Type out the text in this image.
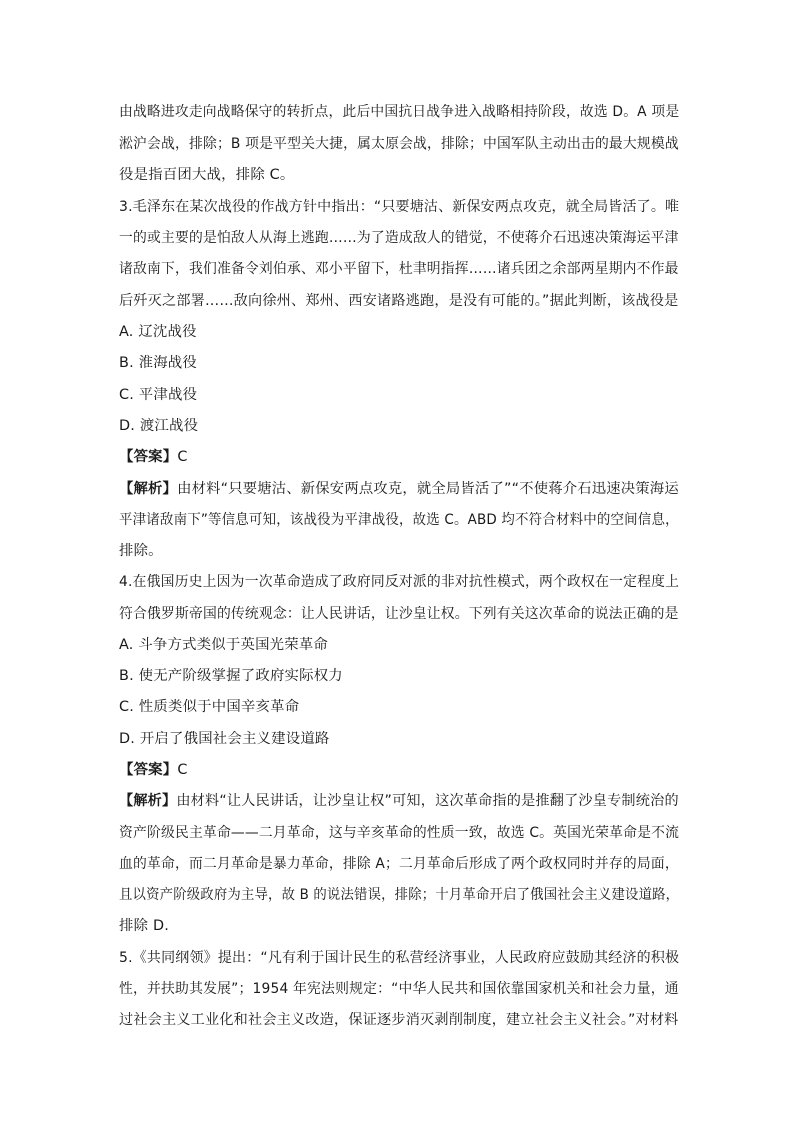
由战略进攻走向战略保守的转折点，此后中国抗日战争进入战略相持阶段，故选 D。A 项是
淞沪会战，排除；B 项是平型关大捷，属太原会战，排除；中国军队主动出击的最大规模战
役是指百团大战，排除 C。
3.毛泽东在某次战役的作战方针中指出：“只要塘沽、新保安两点攻克，就全局皆活了。唯
一的或主要的是怕敌人从海上逃跑……为了造成敌人的错觉，不使蒋介石迅速决策海运平津
诸敌南下，我们准备令刘伯承、邓小平留下，杜聿明指挥……诸兵团之余部两星期内不作最
后歼灭之部署……敌向徐州、郑州、西安诸路逃跑，是没有可能的。”据此判断，该战役是
A. 辽沈战役
B. 淮海战役
C. 平津战役
D. 渡江战役
【答案】C
【解析】由材料“只要塘沽、新保安两点攻克，就全局皆活了”“不使蒋介石迅速决策海运
平津诸敌南下”等信息可知，该战役为平津战役，故选 C。ABD 均不符合材料中的空间信息，
排除。
4.在俄国历史上因为一次革命造成了政府同反对派的非对抗性模式，两个政权在一定程度上
符合俄罗斯帝国的传统观念：让人民讲话，让沙皇让权。下列有关这次革命的说法正确的是
A. 斗争方式类似于英国光荣革命
B. 使无产阶级掌握了政府实际权力
C. 性质类似于中国辛亥革命
D. 开启了俄国社会主义建设道路
【答案】C
【解析】由材料“让人民讲话，让沙皇让权”可知，这次革命指的是推翻了沙皇专制统治的
资产阶级民主革命——二月革命，这与辛亥革命的性质一致，故选 C。英国光荣革命是不流
血的革命，而二月革命是暴力革命，排除 A；二月革命后形成了两个政权同时并存的局面，
且以资产阶级政府为主导，故 B 的说法错误，排除；十月革命开启了俄国社会主义建设道路，
排除 D.
5.《共同纲领》提出：“凡有利于国计民生的私营经济事业，人民政府应鼓励其经济的积极
性，并扶助其发展”；1954 年宪法则规定：“中华人民共和国依靠国家机关和社会力量，通
过社会主义工业化和社会主义改造，保证逐步消灭剥削制度，建立社会主义社会。”对材料
